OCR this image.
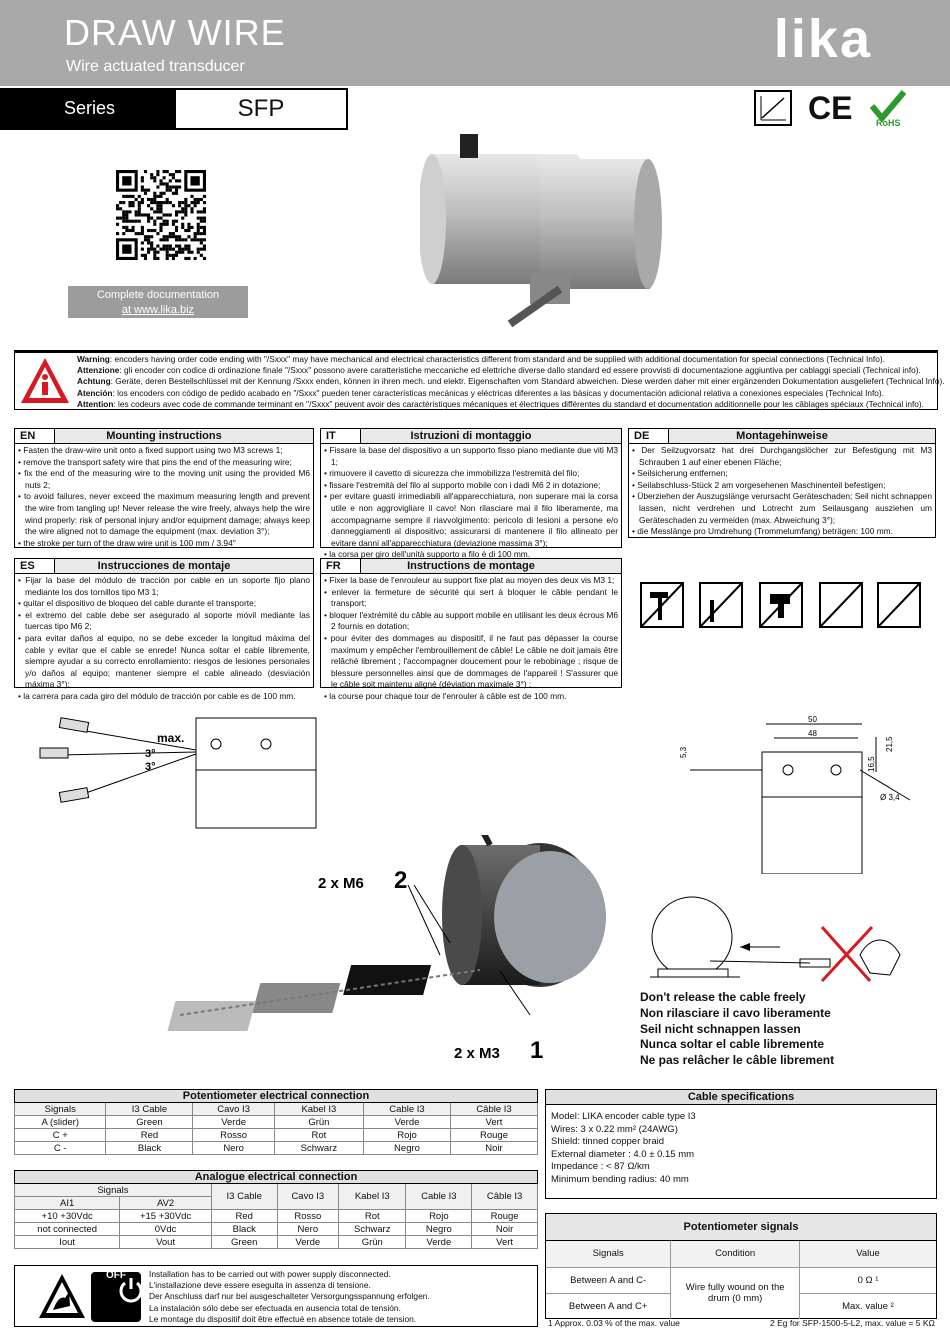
DRAW WIRE
Wire actuated transducer	lika
Series	SFP	CE	RoHS
Complete documentation
at www.lika.biz
Warning: encoders having order code ending with "/Sxxx" may have mechanical and electrical characteristics different from standard and be supplied with additional documentation for special connections (Technical Info).
Attenzione: gli encoder con codice di ordinazione finale "/Sxxx" possono avere caratteristiche meccaniche ed elettriche diverse dallo standard ed essere provvisti di documentazione aggiuntiva per cablaggi speciali (Technical info).
Achtung: Geräte, deren Bestellschlüssel mit der Kennung /Sxxx enden, können in ihren mech. und elektr. Eigenschaften vom Standard abweichen. Diese werden daher mit einer ergänzenden Dokumentation ausgeliefert (Technical Info).
Atención: los encoders con código de pedido acabado en "/Sxxx" pueden tener características mecánicas y eléctricas diferentes a las básicas y documentación adicional relativa a conexiones especiales (Technical Info).
Attention: les codeurs avec code de commande terminant en "/Sxxx" peuvent avoir des caractéristiques mécaniques et électriques différentes du standard et documentation additionnelle pour les câblages spéciaux (Technical info).
EN	Mounting instructions
• Fasten the draw-wire unit onto a fixed support using two M3 screws 1;
• remove the transport safety wire that pins the end of the measuring wire;
• fix the end of the measuring wire to the moving unit using the provided M6 nuts 2;
• to avoid failures, never exceed the maximum measuring length and prevent the wire from tangling up! Never release the wire freely, always help the wire wind properly: risk of personal injury and/or equipment damage; always keep the wire aligned not to damage the equipment (max. deviation 3°);
• the stroke per turn of the draw wire unit is 100 mm / 3.94"
IT	Istruzioni di montaggio
• Fissare la base del dispositivo a un supporto fisso piano mediante due viti M3 1;
• rimuovere il cavetto di sicurezza che immobilizza l'estremità del filo;
• fissare l'estremità del filo al supporto mobile con i dadi M6 2 in dotazione;
• per evitare guasti irrimediabili all'apparecchiatura, non superare mai la corsa utile e non aggrovigliare il cavo! Non rilasciare mai il filo liberamente, ma accompagnarne sempre il riavvolgimento: pericolo di lesioni a persone e/o danneggiamenti al dispositivo; assicurarsi di mantenere il filo allineato per evitare danni all'apparecchiatura (deviazione massima 3°);
• la corsa per giro dell'unità supporto a filo è di 100 mm.
DE	Montagehinweise
• Der Seilzugvorsatz hat drei Durchgangslöcher zur Befestigung mit M3 Schrauben 1 auf einer ebenen Fläche;
• Seilsicherung entfernen;
• Seilabschluss-Stück 2 am vorgesehenen Maschinenteil befestigen;
• Überziehen der Auszugslänge verursacht Geräteschaden; Seil nicht schnappen lassen, nicht verdrehen und Lotrecht zum Seilausgang ausziehen um Geräteschaden zu vermeiden (max. Abweichung 3°);
• die Messlänge pro Umdrehung (Trommelumfang) beträgen: 100 mm.
ES	Instrucciones de montaje
• Fijar la base del módulo de tracción por cable en un soporte fijo plano mediante los dos tornillos tipo M3 1;
• quitar el dispositivo de bloqueo del cable durante el transporte;
• el extremo del cable debe ser asegurado al soporte móvil mediante las tuercas tipo M6 2;
• para evitar daños al equipo, no se debe exceder la longitud máxima del cable y evitar que el cable se enrede! Nunca soltar el cable libremente, siempre ayudar a su correcto enrollamiento: riesgos de lesiones personales y/o daños al equipo; mantener siempre el cable alineado (desviación máxima 3°);
• la carrera para cada giro del módulo de tracción por cable es de 100 mm.
FR	Instructions de montage
• Fixer la base de l'enrouleur au support fixe plat au moyen des deux vis M3 1;
• enlever la fermeture de sécurité qui sert à bloquer le câble pendant le transport;
• bloquer l'extrémité du câble au support mobile en utilisant les deux écrous M6 2 fournis en dotation;
• pour éviter des dommages au dispositif, il ne faut pas dépasser la course maximum y empêcher l'embrouillement de câble! Le câble ne doit jamais être relâché librement ; l'accompagner doucement pour le rebobinage ; risque de blessure personnelles ainsi que de dommages de l'appareil ! S'assurer que le câble soit maintenu aligné (déviation maximale 3°) ;
• la course pour chaque tour de l'enrouler à câble est de 100 mm.
max.
3°
3°
50
48
5,3
21,5
16,5
Ø 3,4
2 x M6 2
2 x M3 1
Don't release the cable freely
Non rilasciare il cavo liberamente
Seil nicht schnappen lassen
Nunca soltar el cable libremente
Ne pas relâcher le câble librement
Potentiometer electrical connection					
Signals	I3 Cable	Cavo I3	Kabel I3	Cable I3	Câble I3
A (slider)	Green	Verde	Grün	Verde	Vert
C +	Red	Rosso	Rot	Rojo	Rouge
C -	Black	Nero	Schwarz	Negro	Noir
Analogue electrical connection						
Signals		I3 Cable	Cavo I3	Kabel I3	Cable I3	Câble I3
AI1	AV2					
+10 +30Vdc	+15 +30Vdc	Red	Rosso	Rot	Rojo	Rouge
not connected	0Vdc	Black	Nero	Schwarz	Negro	Noir
Iout	Vout	Green	Verde	Grün	Verde	Vert
Cable specifications
Model: LIKA encoder cable type I3
Wires: 3 x 0.22 mm² (24AWG)
Shield: tinned copper braid
External diameter : 4.0 ± 0.15 mm
Impedance : < 87 Ω/km
Minimum bending radius: 40 mm
Potentiometer signals
Signals	Condition	Value
Between A and C-	Wire fully wound on the drum (0 mm)	0 Ω ¹
Between A and C+		Max. value ²
OFF	Installation has to be carried out with power supply disconnected.
L'installazione deve essere eseguita in assenza di tensione.
Der Anschluss darf nur bei ausgeschalteter Versorgungsspannung erfolgen.
La instalación sólo debe ser efectuada en ausencia total de tensión.
Le montage du dispositif doit être effectué en absence totale de tension.	1 Approx. 0.03 % of the max. value	2 Eg for SFP-1500-5-L2, max. value = 5 KΩ
